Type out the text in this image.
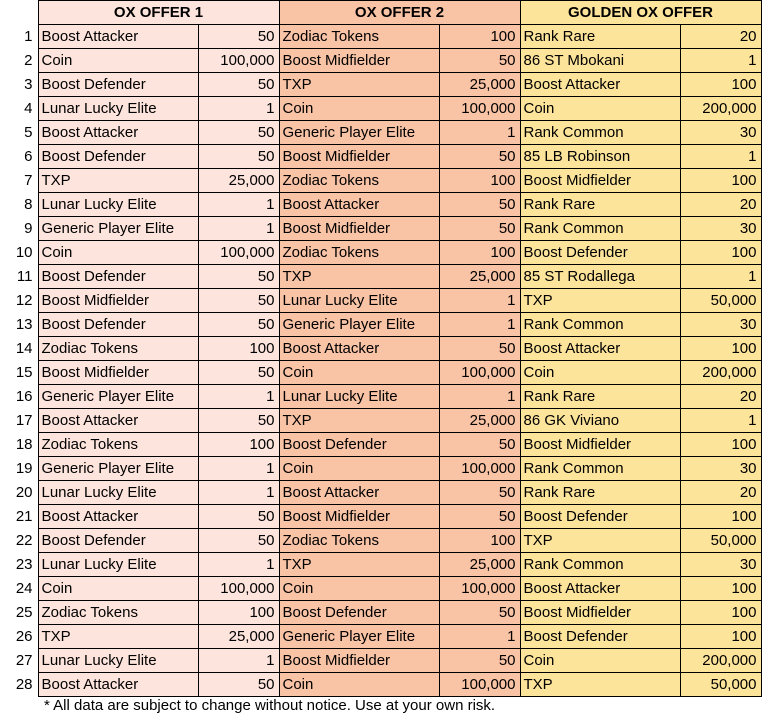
	OX OFFER 1		OX OFFER 2		GOLDEN OX OFFER	
1	Boost Attacker	50	Zodiac Tokens	100	Rank Rare	20
2	Coin	100,000	Boost Midfielder	50	86 ST Mbokani	1
3	Boost Defender	50	TXP	25,000	Boost Attacker	100
4	Lunar Lucky Elite	1	Coin	100,000	Coin	200,000
5	Boost Attacker	50	Generic Player Elite	1	Rank Common	30
6	Boost Defender	50	Boost Midfielder	50	85 LB Robinson	1
7	TXP	25,000	Zodiac Tokens	100	Boost Midfielder	100
8	Lunar Lucky Elite	1	Boost Attacker	50	Rank Rare	20
9	Generic Player Elite	1	Boost Midfielder	50	Rank Common	30
10	Coin	100,000	Zodiac Tokens	100	Boost Defender	100
11	Boost Defender	50	TXP	25,000	85 ST Rodallega	1
12	Boost Midfielder	50	Lunar Lucky Elite	1	TXP	50,000
13	Boost Defender	50	Generic Player Elite	1	Rank Common	30
14	Zodiac Tokens	100	Boost Attacker	50	Boost Attacker	100
15	Boost Midfielder	50	Coin	100,000	Coin	200,000
16	Generic Player Elite	1	Lunar Lucky Elite	1	Rank Rare	20
17	Boost Attacker	50	TXP	25,000	86 GK Viviano	1
18	Zodiac Tokens	100	Boost Defender	50	Boost Midfielder	100
19	Generic Player Elite	1	Coin	100,000	Rank Common	30
20	Lunar Lucky Elite	1	Boost Attacker	50	Rank Rare	20
21	Boost Attacker	50	Boost Midfielder	50	Boost Defender	100
22	Boost Defender	50	Zodiac Tokens	100	TXP	50,000
23	Lunar Lucky Elite	1	TXP	25,000	Rank Common	30
24	Coin	100,000	Coin	100,000	Boost Attacker	100
25	Zodiac Tokens	100	Boost Defender	50	Boost Midfielder	100
26	TXP	25,000	Generic Player Elite	1	Boost Defender	100
27	Lunar Lucky Elite	1	Boost Midfielder	50	Coin	200,000
28	Boost Attacker	50	Coin	100,000	TXP	50,000
* All data are subject to change without notice. Use at your own risk.
